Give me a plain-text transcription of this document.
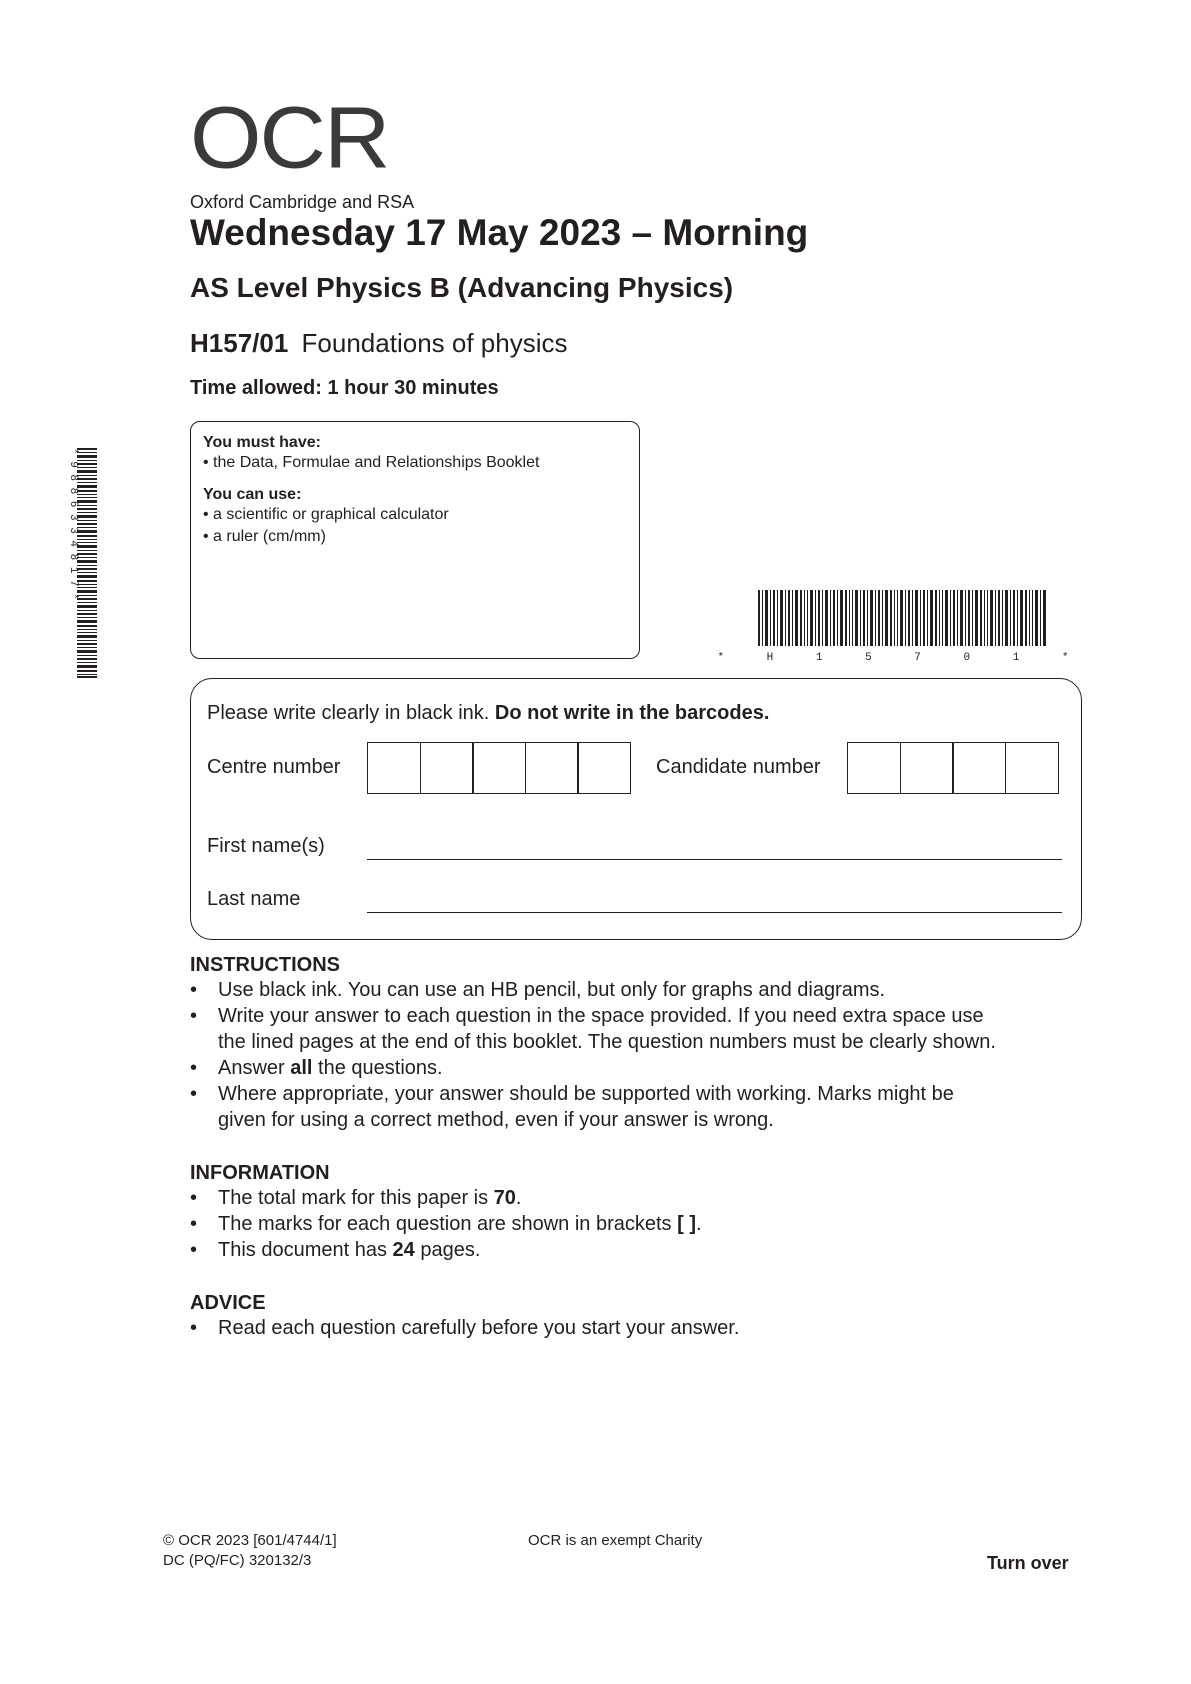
OCR
Oxford Cambridge and RSA
Wednesday 17 May 2023 – Morning
AS Level Physics B (Advancing Physics)
H157/01 Foundations of physics
Time allowed: 1 hour 30 minutes
You must have:
• the Data, Formulae and Relationships Booklet
You can use:
• a scientific or graphical calculator
• a ruler (cm/mm)
* 9 8 8 6 3 3 4 8 1 7 *
* H 1 5 7 0 1 *
Please write clearly in black ink. Do not write in the barcodes.
Centre number	Candidate number
First name(s)
Last name
INSTRUCTIONS
• Use black ink. You can use an HB pencil, but only for graphs and diagrams.
• Write your answer to each question in the space provided. If you need extra space use
the lined pages at the end of this booklet. The question numbers must be clearly shown.
• Answer all the questions.
• Where appropriate, your answer should be supported with working. Marks might be
given for using a correct method, even if your answer is wrong.
INFORMATION
• The total mark for this paper is 70.
• The marks for each question are shown in brackets [ ].
• This document has 24 pages.
ADVICE
• Read each question carefully before you start your answer.
© OCR 2023 [601/4744/1]
DC (PQ/FC) 320132/3
OCR is an exempt Charity
Turn over
